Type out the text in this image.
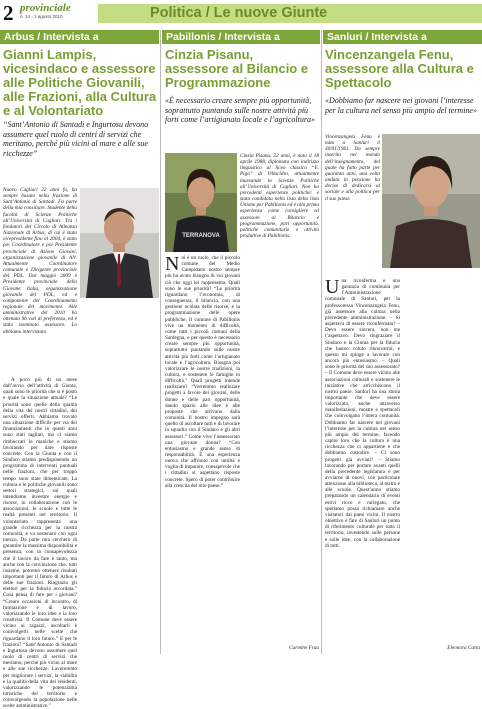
2 provinciale
n. 14 - 1 agosto 2010	Politica / Le nuove Giunte
Arbus / Intervista a
Gianni Lampis, vicesindaco e assessore alle Politiche Giovanili, alle Frazioni, alla Cultura e al Volontariato
“Sant’Antonio di Santadi e Ingurtosu devono assumere quel ruolo di centri di servizi che meritano, perché più vicini al mare e alle sue ricchezze”

Nuovo Cagliari 22 anni fa, ha sempre basato nella frazione di Sant’Antonio di Santadi. Fa parte della mia consiliare. Studente della facoltà di Scienze Politiche all’Università di Cagliari. Tra i fondatori del Circolo di Alleanza Nazionale di Arbus, di cui è stato vicepresidente fino al 2004, è stato poi Coordinatore e poi Presidente provinciale di Azione Giovani, organizzazione giovanile di AN. Attualmente Coordinatore comunale e Dirigente provinciale del PDL. Dal maggio 2009 è Presidente provinciale della Giovane Italia, organizzazione giovanile del PDL, ed è componente del Coordinamento regionale del movimento. Alle amministrative del 2010 ha ottenuto 96 voti di preferenza, ed è stato nominato assessore. Lo abbiamo intervistato.

A poco più di un mese dall’avvio dell’attività di Giunta, quali sono le priorità che si è posto e quale la situazione attuale? “Le priorità sono quelle della qualità della vita dei nostri cittadini, dei servizi offerti. Abbiamo trovato una situazione difficile per via dei finanziamenti che in questi anni sono stati tagliati, ma ci siamo rimboccati le maniche e stiamo lavorando per dare risposte concrete. Con la Giunta e con il Sindaco stiamo predisponendo un programma di interventi puntuali nelle frazioni, che per troppo tempo sono state dimenticate. La cultura e le politiche giovanili sono settori strategici, sui quali intendiamo investire energie e risorse, in collaborazione con le associazioni, le scuole e tutte le realtà presenti nel territorio. Il volontariato rappresenta una grande ricchezza per la nostra comunità, e va sostenuto con ogni mezzo. Da parte mia cercherò di garantire la massima disponibilità e presenza, con la consapevolezza che il lavoro da fare è tanto, ma anche con la convinzione che, tutti insieme, potremo ottenere risultati importanti per il futuro di Arbus e delle sue frazioni. Ringrazio gli elettori per la fiducia accordata.” Cosa pensa di fare per i giovani? “Creare occasioni di incontro, di formazione e di lavoro, valorizzando le loro idee e la loro creatività. Il Comune deve essere vicino ai ragazzi, ascoltarli e coinvolgerli nelle scelte che riguardano il loro futuro.” E per le frazioni? “Sant’Antonio di Santadi e Ingurtosu devono assumere quel ruolo di centri di servizi che meritano, perché più vicini al mare e alle sue ricchezze. Lavoreremo per migliorare i servizi, la viabilità e la qualità della vita dei residenti, valorizzando le potenzialità turistiche del territorio e coinvolgendo la popolazione nelle scelte amministrative.”

Pabillonis / Intervista a
Cinzia Pisanu, assessore al Bilancio e Programmazione
«È necessario creare sempre più opportunità, soprattutto puntando sulle nostre attività più forti come l’artigianato locale e l’agricoltura»

Cinzia Pisanu, 22 anni, è nata il 18 aprile 1988, diplomata con indirizzo linguistico al liceo classico “E. Piga” di Villacidro, attualmente laureanda in Scienze Politiche all’Università di Cagliari. Non ha precedenti esperienze politiche: è stata candidata nella lista della lista Unione per Pabillonis ed è alla prima esperienza come consigliere ed assessore al Bilancio e programmazione, pari opportunità, politiche comunitarie e attività produttive di Pabillonis.

TERRANOVA
N oi è un ruolo, che il piccolo comune del Medio Campidano nostro sempre più ha avuto bisogno di voi giovani ciò che oggi lei rappresenta. Quali sono le sue priorità? “Le priorità riguardano l’economia, di conseguenza, il bilancio, con una gestione oculata delle risorse, e la programmazione delle opere pubbliche. Il comune di Pabillonis vive un momento di difficoltà, come tutti i piccoli comuni della Sardegna, e per questo è necessario creare sempre più opportunità, soprattutto puntando sulle nostre attività più forti come l’artigianato locale e l’agricoltura. Bisogna poi valorizzare le nostre tradizioni, la cultura, e sostenere le famiglie in difficoltà.” Quali progetti intende realizzare? “Vorremmo realizzare progetti a favore dei giovani, delle donne e delle pari opportunità, dando spazio alle idee e alle proposte che arrivano dalla comunità. Il nostro impegno sarà quello di ascoltare tutti e di lavorare in squadra con il Sindaco e gli altri assessori.” Come vive l’assessorato una giovane donna? “Con entusiasmo e grande senso di responsabilità. È una esperienza nuova che affronto con umiltà e voglia di imparare, consapevole che i cittadini si aspettano risposte concrete. Spero di poter contribuire alla crescita del mio paese.”

Carmine Frau

Sanluri / Intervista a
Vincenzangela Fenu, assessore alla Cultura e Spettacolo
«Dobbiamo far nascere nei giovani l’interesse per la cultura nel senso più ampio del termine»

Vincenzangela Fenu è nata a Sanluri il 30/01/1961. Da sempre inserita nel mondo dell’insegnamento, del quale ha fatto parte per quaranta anni, una volta andata in pensione ha deciso di dedicarsi al sociale e alla politica per il suo paese.

U na riconferma e una garanzia di continuità per l’Amministrazione comunale di Sanluri, per la professoressa Vincenzangela Fenu, già assessore alla cultura nella precedente amministrazione. – Si aspettava di essere riconfermata? – Devo essere sincera, non me l’aspettavo. Devo ringraziare il Sindaco e la Giunta per la fiducia che hanno voluto rinnovarmi, e questo mi spinge a lavorare con ancora più entusiasmo. – Quali sono le priorità del suo assessorato? – Il Comune deve essere vicino alle associazioni culturali e sostenere le iniziative che arricchiscono il nostro paese. Sanluri ha una storia importante che deve essere valorizzata, anche attraverso manifestazioni, mostre e spettacoli che coinvolgano l’intera comunità. Dobbiamo far nascere nei giovani l’interesse per la cultura nel senso più ampio del termine, facendo capire loro che la cultura è una ricchezza che ci appartiene e che dobbiamo custodire. – Ci sono progetti già avviati? – Stiamo lavorando per portare avanti quelli della precedente legislatura e per avviarne di nuovi, con particolare attenzione alla biblioteca, al teatro e alle scuole. Quest’anno stiamo preparando un calendario di eventi estivi ricco e variegato, che speriamo possa richiamare anche visitatori dai paesi vicini. Il nostro obiettivo è fare di Sanluri un punto di riferimento culturale per tutto il territorio, investendo sulle persone e sulle idee, con la collaborazione di tutti.

Eleonora Carta
